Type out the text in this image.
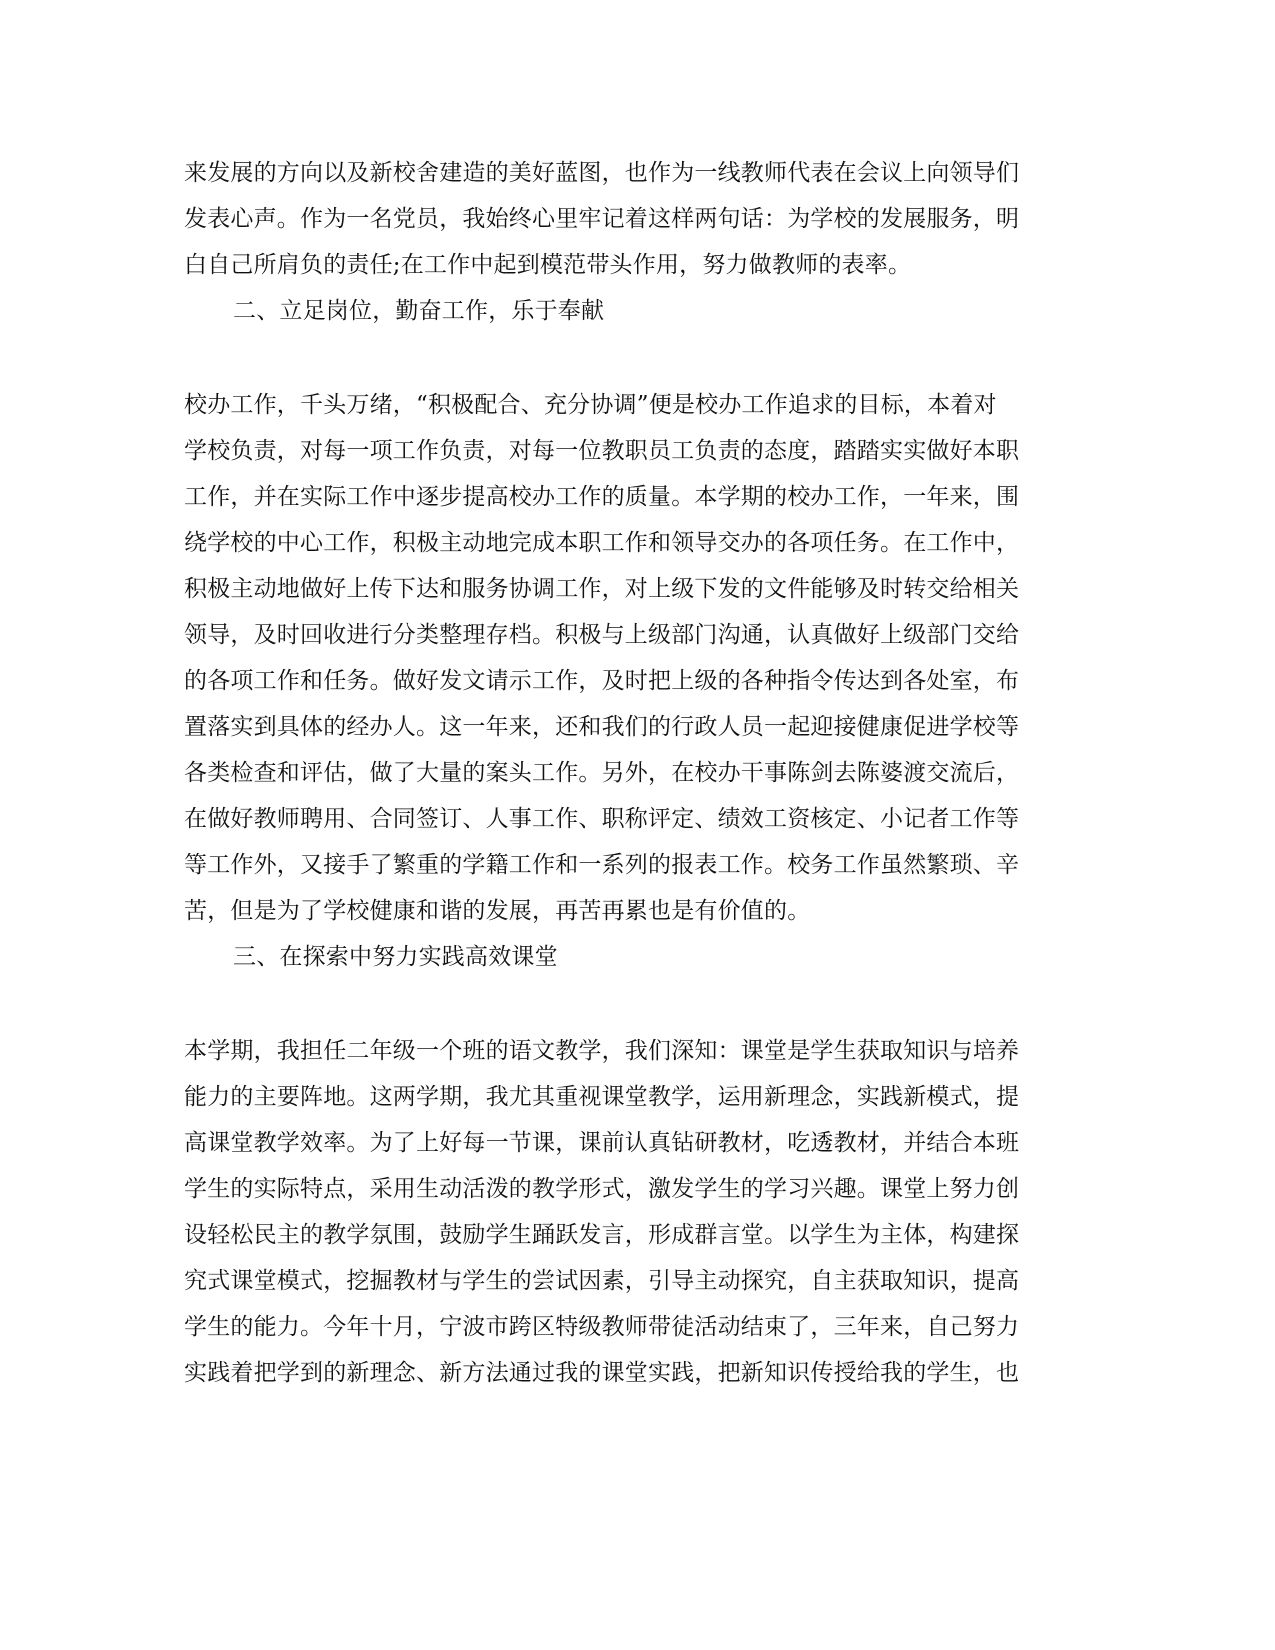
来发展的方向以及新校舍建造的美好蓝图，也作为一线教师代表在会议上向领导们
发表心声。作为一名党员，我始终心里牢记着这样两句话：为学校的发展服务，明
白自己所肩负的责任;在工作中起到模范带头作用，努力做教师的表率。
二、立足岗位，勤奋工作，乐于奉献
校办工作，千头万绪，“积极配合、充分协调”便是校办工作追求的目标，本着对
学校负责，对每一项工作负责，对每一位教职员工负责的态度，踏踏实实做好本职
工作，并在实际工作中逐步提高校办工作的质量。本学期的校办工作，一年来，围
绕学校的中心工作，积极主动地完成本职工作和领导交办的各项任务。在工作中，
积极主动地做好上传下达和服务协调工作，对上级下发的文件能够及时转交给相关
领导，及时回收进行分类整理存档。积极与上级部门沟通，认真做好上级部门交给
的各项工作和任务。做好发文请示工作，及时把上级的各种指令传达到各处室，布
置落实到具体的经办人。这一年来，还和我们的行政人员一起迎接健康促进学校等
各类检查和评估，做了大量的案头工作。另外，在校办干事陈剑去陈婆渡交流后，
在做好教师聘用、合同签订、人事工作、职称评定、绩效工资核定、小记者工作等
等工作外，又接手了繁重的学籍工作和一系列的报表工作。校务工作虽然繁琐、辛
苦，但是为了学校健康和谐的发展，再苦再累也是有价值的。
三、在探索中努力实践高效课堂
本学期，我担任二年级一个班的语文教学，我们深知：课堂是学生获取知识与培养
能力的主要阵地。这两学期，我尤其重视课堂教学，运用新理念，实践新模式，提
高课堂教学效率。为了上好每一节课，课前认真钻研教材，吃透教材，并结合本班
学生的实际特点，采用生动活泼的教学形式，激发学生的学习兴趣。课堂上努力创
设轻松民主的教学氛围，鼓励学生踊跃发言，形成群言堂。以学生为主体，构建探
究式课堂模式，挖掘教材与学生的尝试因素，引导主动探究，自主获取知识，提高
学生的能力。今年十月，宁波市跨区特级教师带徒活动结束了，三年来，自己努力
实践着把学到的新理念、新方法通过我的课堂实践，把新知识传授给我的学生，也
